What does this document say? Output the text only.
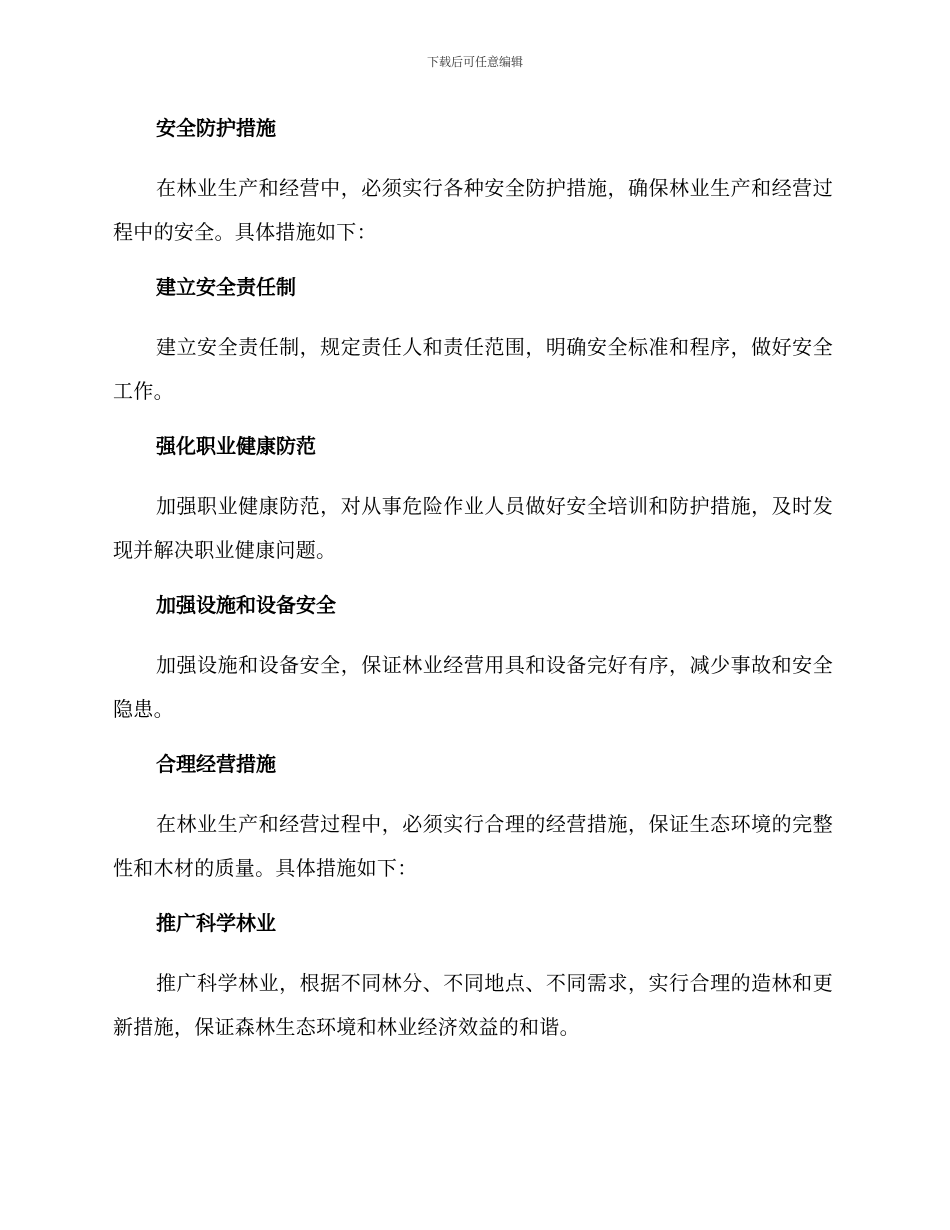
下载后可任意编辑
安全防护措施

在林业生产和经营中，必须实行各种安全防护措施，确保林业生产和经营过程中的安全。具体措施如下：

建立安全责任制

建立安全责任制，规定责任人和责任范围，明确安全标准和程序，做好安全工作。

强化职业健康防范

加强职业健康防范，对从事危险作业人员做好安全培训和防护措施，及时发现并解决职业健康问题。

加强设施和设备安全

加强设施和设备安全，保证林业经营用具和设备完好有序，减少事故和安全隐患。

合理经营措施

在林业生产和经营过程中，必须实行合理的经营措施，保证生态环境的完整性和木材的质量。具体措施如下：

推广科学林业

推广科学林业，根据不同林分、不同地点、不同需求，实行合理的造林和更新措施，保证森林生态环境和林业经济效益的和谐。
